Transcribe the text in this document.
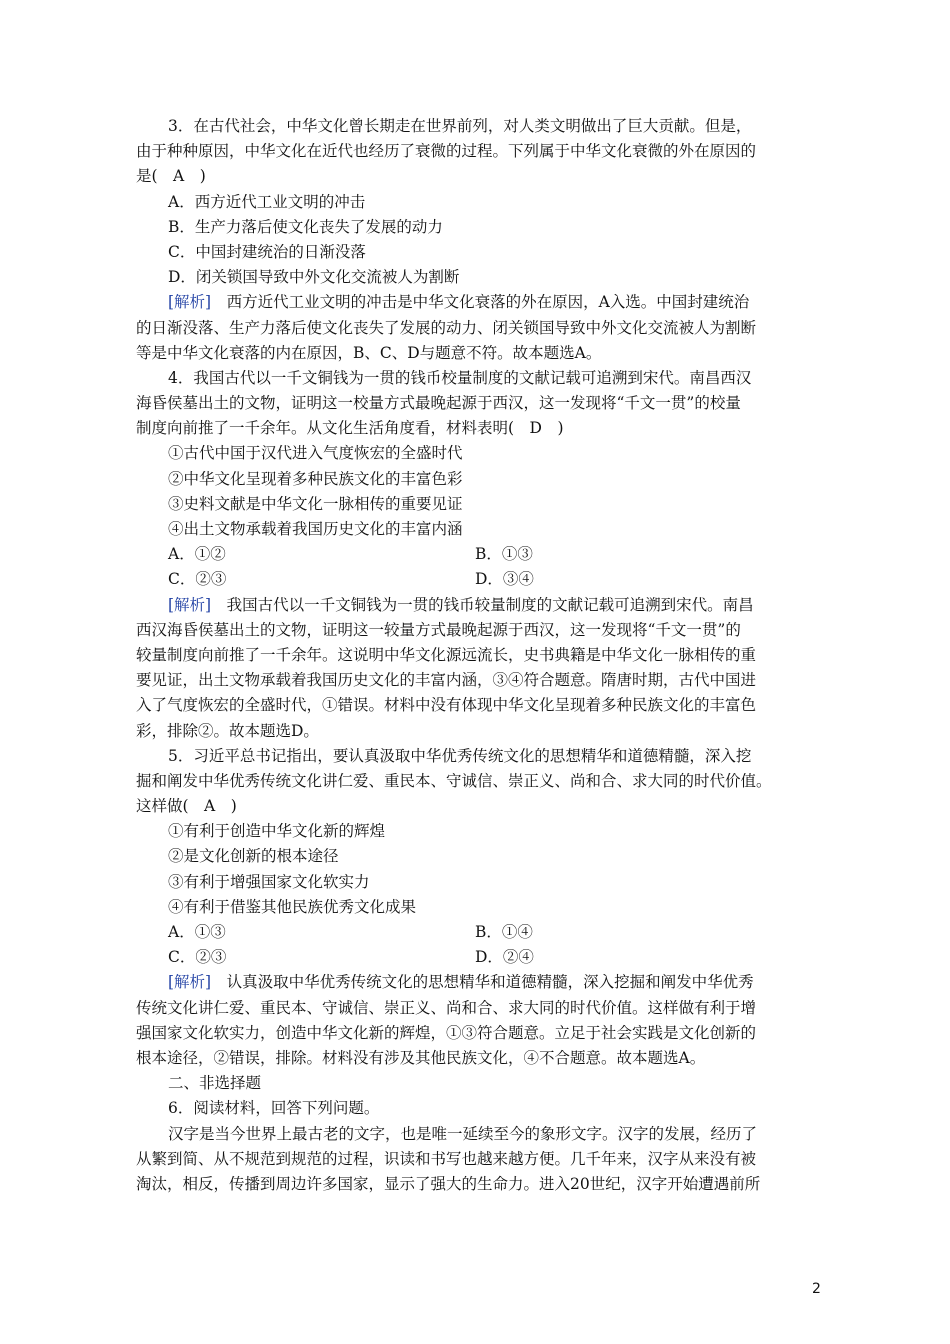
3．在古代社会，中华文化曾长期走在世界前列，对人类文明做出了巨大贡献。但是，
由于种种原因，中华文化在近代也经历了衰微的过程。下列属于中华文化衰微的外在原因的
是(　A　)
A．西方近代工业文明的冲击
B．生产力落后使文化丧失了发展的动力
C．中国封建统治的日渐没落
D．闭关锁国导致中外文化交流被人为割断
[解析]　西方近代工业文明的冲击是中华文化衰落的外在原因，A入选。中国封建统治
的日渐没落、生产力落后使文化丧失了发展的动力、闭关锁国导致中外文化交流被人为割断
等是中华文化衰落的内在原因，B、C、D与题意不符。故本题选A。
4．我国古代以一千文铜钱为一贯的钱币校量制度的文献记载可追溯到宋代。南昌西汉
海昏侯墓出土的文物，证明这一校量方式最晚起源于西汉，这一发现将“千文一贯”的校量
制度向前推了一千余年。从文化生活角度看，材料表明(　D　)
①古代中国于汉代进入气度恢宏的全盛时代
②中华文化呈现着多种民族文化的丰富色彩
③史料文献是中华文化一脉相传的重要见证
④出土文物承载着我国历史文化的丰富内涵
A．①②	B．①③
C．②③	D．③④
[解析]　我国古代以一千文铜钱为一贯的钱币较量制度的文献记载可追溯到宋代。南昌
西汉海昏侯墓出土的文物，证明这一较量方式最晚起源于西汉，这一发现将“千文一贯”的
较量制度向前推了一千余年。这说明中华文化源远流长，史书典籍是中华文化一脉相传的重
要见证，出土文物承载着我国历史文化的丰富内涵，③④符合题意。隋唐时期，古代中国进
入了气度恢宏的全盛时代，①错误。材料中没有体现中华文化呈现着多种民族文化的丰富色
彩，排除②。故本题选D。
5．习近平总书记指出，要认真汲取中华优秀传统文化的思想精华和道德精髓，深入挖
掘和阐发中华优秀传统文化讲仁爱、重民本、守诚信、崇正义、尚和合、求大同的时代价值。
这样做(　A　)
①有利于创造中华文化新的辉煌
②是文化创新的根本途径
③有利于增强国家文化软实力
④有利于借鉴其他民族优秀文化成果
A．①③	B．①④
C．②③	D．②④
[解析]　认真汲取中华优秀传统文化的思想精华和道德精髓，深入挖掘和阐发中华优秀
传统文化讲仁爱、重民本、守诚信、崇正义、尚和合、求大同的时代价值。这样做有利于增
强国家文化软实力，创造中华文化新的辉煌，①③符合题意。立足于社会实践是文化创新的
根本途径，②错误，排除。材料没有涉及其他民族文化，④不合题意。故本题选A。
二、非选择题
6．阅读材料，回答下列问题。
汉字是当今世界上最古老的文字，也是唯一延续至今的象形文字。汉字的发展，经历了
从繁到简、从不规范到规范的过程，识读和书写也越来越方便。几千年来，汉字从来没有被
淘汰，相反，传播到周边许多国家，显示了强大的生命力。进入20世纪，汉字开始遭遇前所
2
